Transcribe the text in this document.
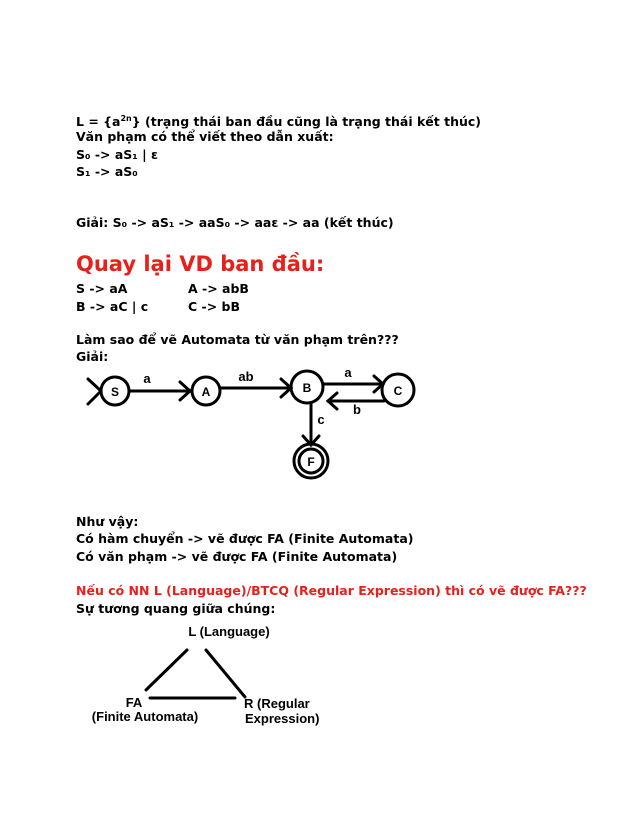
$L = \{a^{2n}\}$ (trạng thái ban đầu cũng là trạng thái kết thúc)
Văn phạm có thể viết theo dẫn xuất:
S₀ -> aS₁ | ε
S₁ -> aS₀
Giải: S₀ -> aS₁ -> aaS₀ -> aaε -> aa (kết thúc)
Quay lại VD ban đầu:
S -> aA	A -> abB
B -> aC | c	C -> bB
Làm sao để vẽ Automata từ văn phạm trên???
Giải:
S	A	B	C
F
a	ab	a
b
c
L (Language)
FA
(Finite Automata)
R (Regular
Expression)
Như vậy:
Có hàm chuyển -> vẽ được FA (Finite Automata)
Có văn phạm -> vẽ được FA (Finite Automata)
Nếu có NN L (Language)/BTCQ (Regular Expression) thì có vẽ được FA???
Sự tương quang giữa chúng:
